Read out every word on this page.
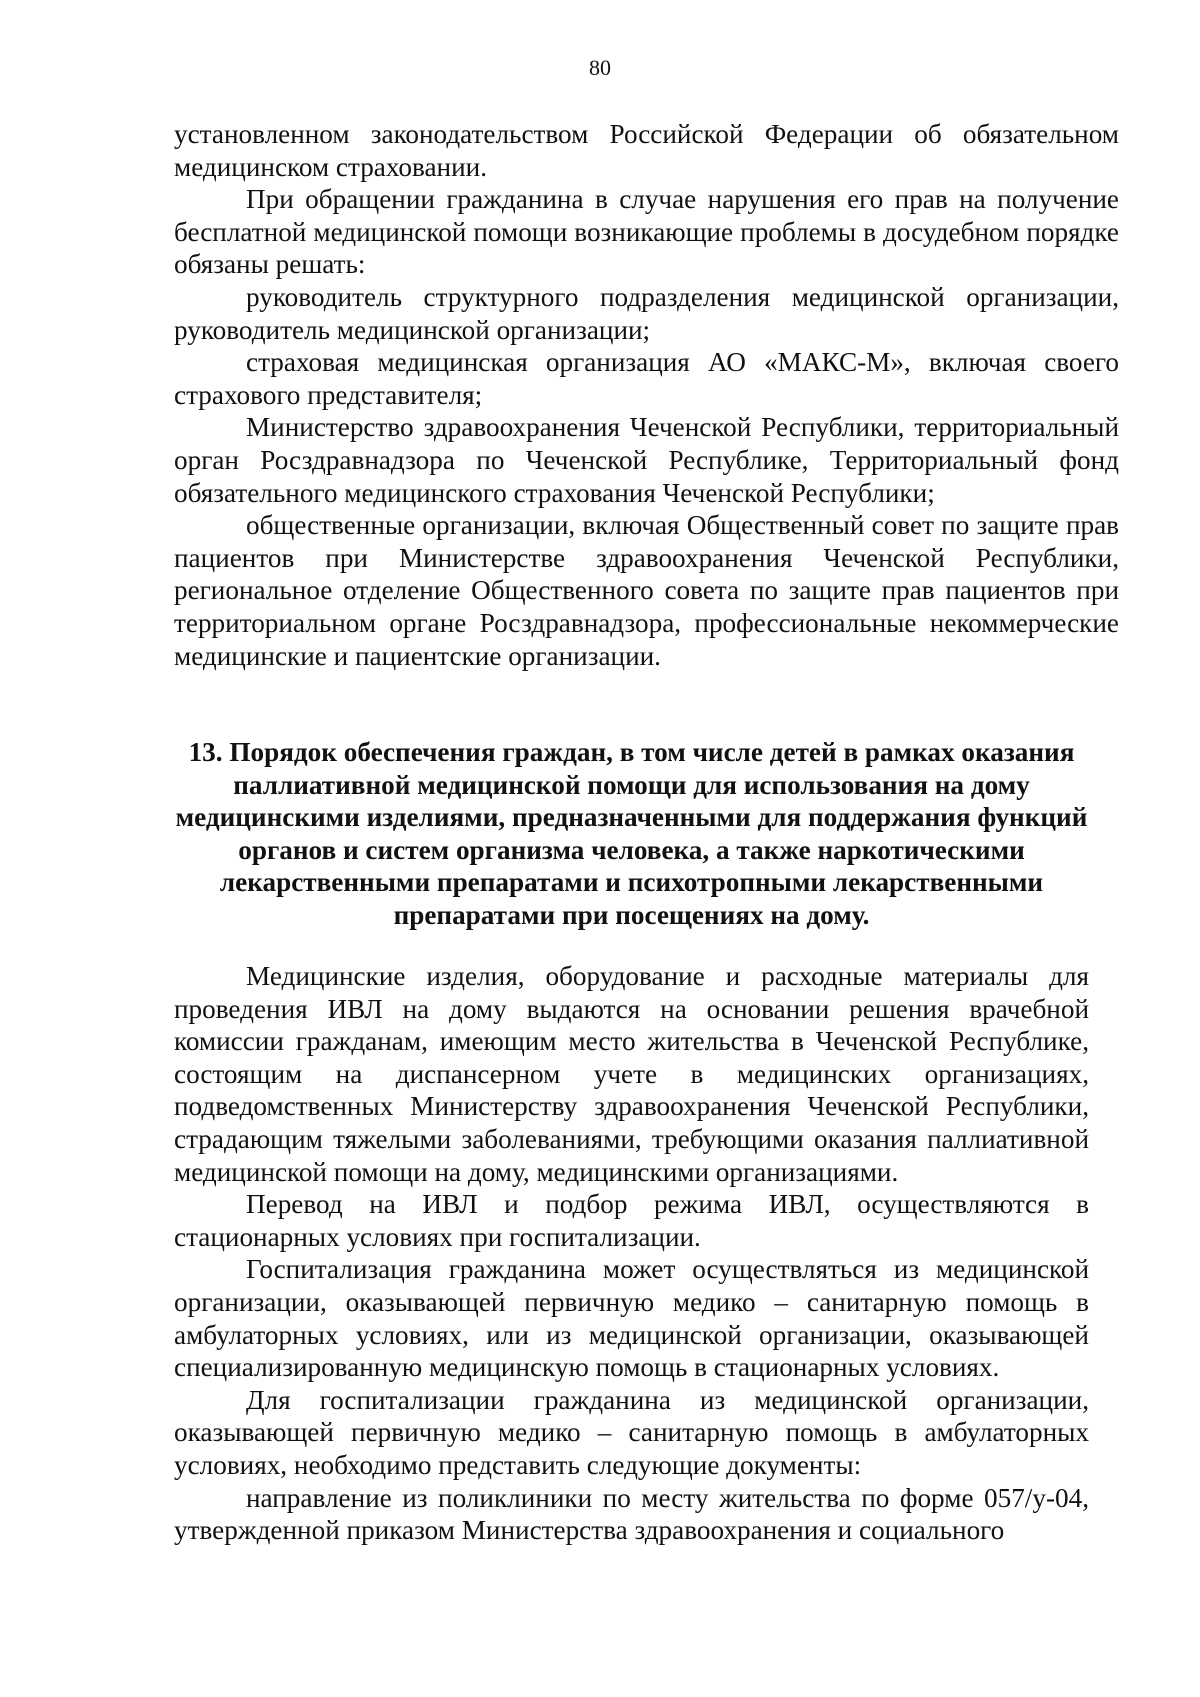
80

установленном законодательством Российской Федерации об обязательном медицинском страховании.

При обращении гражданина в случае нарушения его прав на получение бесплатной медицинской помощи возникающие проблемы в досудебном порядке обязаны решать:

руководитель структурного подразделения медицинской организации, руководитель медицинской организации;

страховая медицинская организация АО «МАКС-М», включая своего страхового представителя;

Министерство здравоохранения Чеченской Республики, территориальный орган Росздравнадзора по Чеченской Республике, Территориальный фонд обязательного медицинского страхования Чеченской Республики;

общественные организации, включая Общественный совет по защите прав пациентов при Министерстве здравоохранения Чеченской Республики, региональное отделение Общественного совета по защите прав пациентов при территориальном органе Росздравнадзора, профессиональные некоммерческие медицинские и пациентские организации.

13. Порядок обеспечения граждан, в том числе детей в рамках оказания паллиативной медицинской помощи для использования на дому медицинскими изделиями, предназначенными для поддержания функций органов и систем организма человека, а также наркотическими лекарственными препаратами и психотропными лекарственными препаратами при посещениях на дому.

Медицинские изделия, оборудование и расходные материалы для проведения ИВЛ на дому выдаются на основании решения врачебной комиссии гражданам, имеющим место жительства в Чеченской Республике, состоящим на диспансерном учете в медицинских организациях, подведомственных Министерству здравоохранения Чеченской Республики, страдающим тяжелыми заболеваниями, требующими оказания паллиативной медицинской помощи на дому, медицинскими организациями.

Перевод на ИВЛ и подбор режима ИВЛ, осуществляются в стационарных условиях при госпитализации.

Госпитализация гражданина может осуществляться из медицинской организации, оказывающей первичную медико – санитарную помощь в амбулаторных условиях, или из медицинской организации, оказывающей специализированную медицинскую помощь в стационарных условиях.

Для госпитализации гражданина из медицинской организации, оказывающей первичную медико – санитарную помощь в амбулаторных условиях, необходимо представить следующие документы:

направление из поликлиники по месту жительства по форме 057/у-04, утвержденной приказом Министерства здравоохранения и социального
